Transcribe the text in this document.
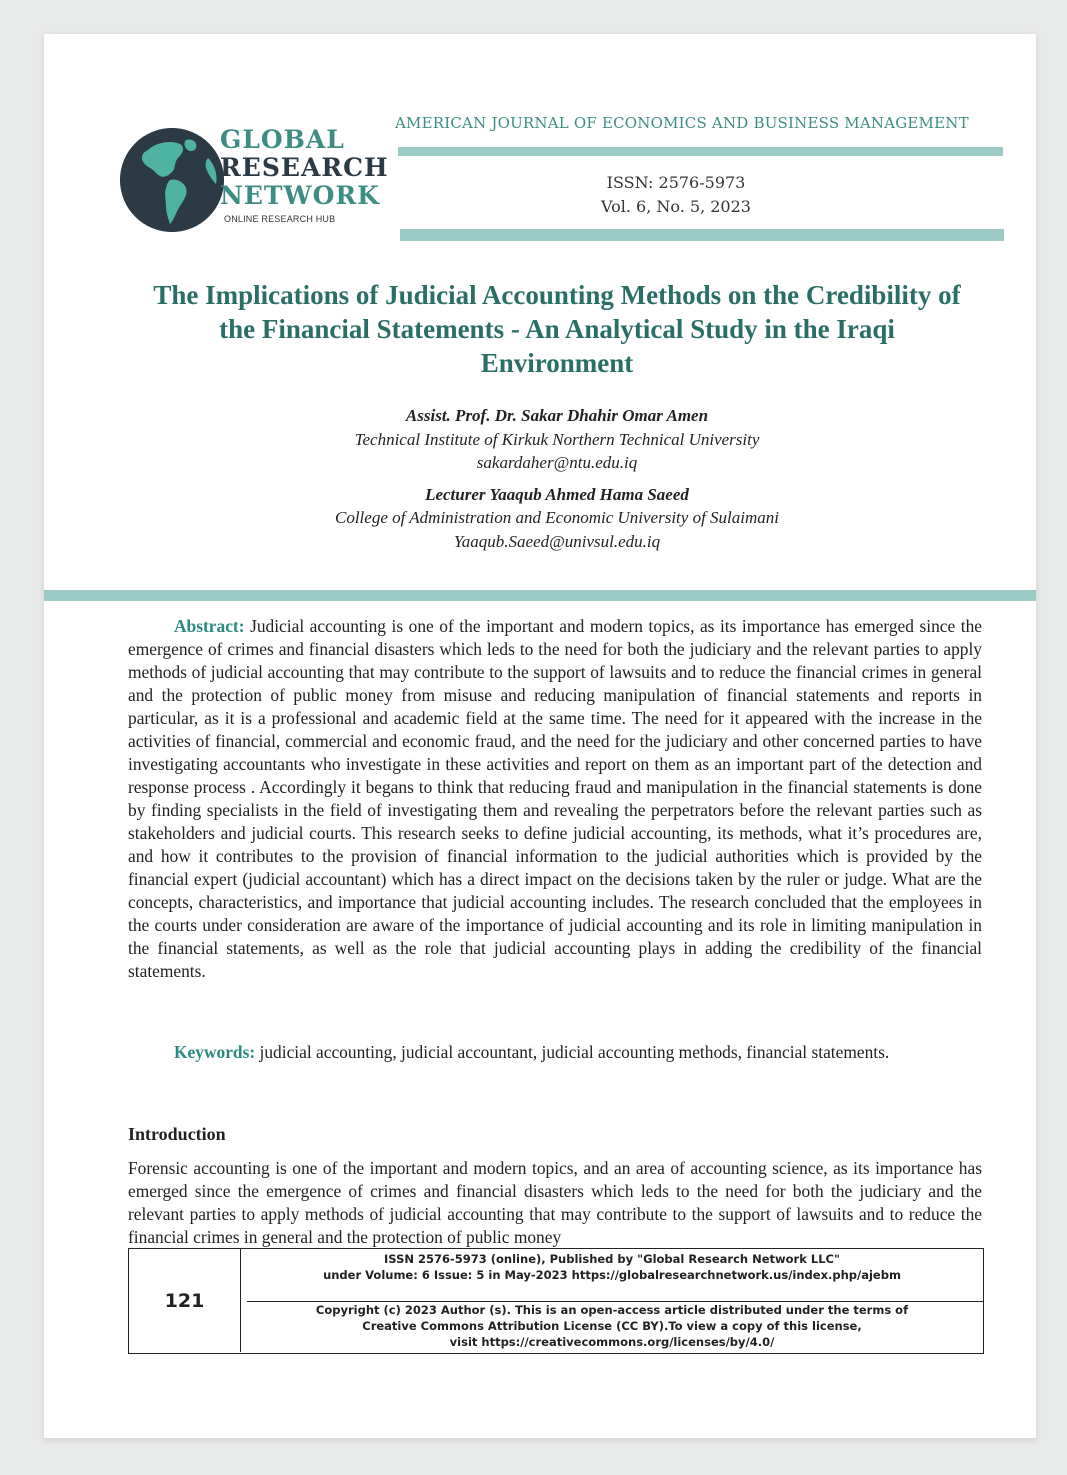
GLOBAL
RESEARCH
NETWORK
ONLINE RESEARCH HUB
AMERICAN JOURNAL OF ECONOMICS AND BUSINESS MANAGEMENT
ISSN: 2576-5973
Vol. 6, No. 5, 2023
The Implications of Judicial Accounting Methods on the Credibility of the Financial Statements - An Analytical Study in the Iraqi Environment
Assist. Prof. Dr. Sakar Dhahir Omar Amen
Technical Institute of Kirkuk Northern Technical University
sakardaher@ntu.edu.iq
Lecturer Yaaqub Ahmed Hama Saeed
College of Administration and Economic University of Sulaimani
Yaaqub.Saeed@univsul.edu.iq
Abstract: Judicial accounting is one of the important and modern topics, as its importance has emerged since the emergence of crimes and financial disasters which leds to the need for both the judiciary and the relevant parties to apply methods of judicial accounting that may contribute to the support of lawsuits and to reduce the financial crimes in general and the protection of public money from misuse and reducing manipulation of financial statements and reports in particular, as it is a professional and academic field at the same time. The need for it appeared with the increase in the activities of financial, commercial and economic fraud, and the need for the judiciary and other concerned parties to have investigating accountants who investigate in these activities and report on them as an important part of the detection and response process . Accordingly it begans to think that reducing fraud and manipulation in the financial statements is done by finding specialists in the field of investigating them and revealing the perpetrators before the relevant parties such as stakeholders and judicial courts. This research seeks to define judicial accounting, its methods, what it’s procedures are, and how it contributes to the provision of financial information to the judicial authorities which is provided by the financial expert (judicial accountant) which has a direct impact on the decisions taken by the ruler or judge. What are the concepts, characteristics, and importance that judicial accounting includes. The research concluded that the employees in the courts under consideration are aware of the importance of judicial accounting and its role in limiting manipulation in the financial statements, as well as the role that judicial accounting plays in adding the credibility of the financial statements.
Keywords: judicial accounting, judicial accountant, judicial accounting methods, financial statements.
Introduction
Forensic accounting is one of the important and modern topics, and an area of accounting science, as its importance has emerged since the emergence of crimes and financial disasters which leds to the need for both the judiciary and the relevant parties to apply methods of judicial accounting that may contribute to the support of lawsuits and to reduce the financial crimes in general and the protection of public money
121
ISSN 2576-5973 (online), Published by "Global Research Network LLC"
under Volume: 6 Issue: 5 in May-2023 https://globalresearchnetwork.us/index.php/ajebm
Copyright (c) 2023 Author (s). This is an open-access article distributed under the terms of
Creative Commons Attribution License (CC BY).To view a copy of this license,
visit https://creativecommons.org/licenses/by/4.0/
